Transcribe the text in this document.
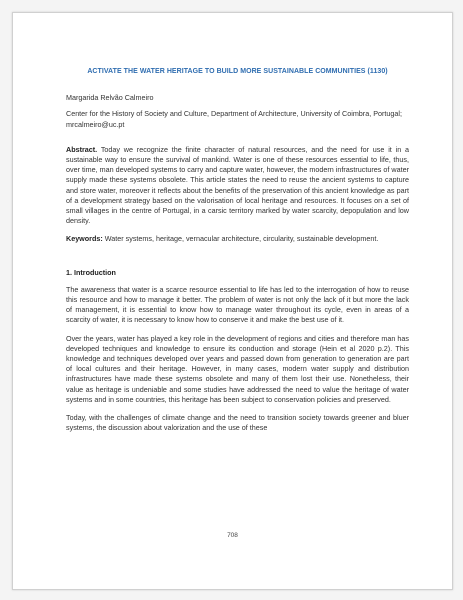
ACTIVATE THE WATER HERITAGE TO BUILD MORE SUSTAINABLE COMMUNITIES (1130)
Margarida Relvão Calmeiro
Center for the History of Society and Culture, Department of Architecture, University of Coimbra, Portugal; mrcalmeiro@uc.pt
Abstract. Today we recognize the finite character of natural resources, and the need for use it in a sustainable way to ensure the survival of mankind. Water is one of these resources essential to life, thus, over time, man developed systems to carry and capture water, however, the modern infrastructures of water supply made these systems obsolete. This article states the need to reuse the ancient systems to capture and store water, moreover it reflects about the benefits of the preservation of this ancient knowledge as part of a development strategy based on the valorisation of local heritage and resources. It focuses on a set of small villages in the centre of Portugal, in a carsic territory marked by water scarcity, depopulation and low density.
Keywords: Water systems, heritage, vernacular architecture, circularity, sustainable development.
1. Introduction
The awareness that water is a scarce resource essential to life has led to the interrogation of how to reuse this resource and how to manage it better. The problem of water is not only the lack of it but more the lack of management, it is essential to know how to manage water throughout its cycle, even in areas of a scarcity of water, it is necessary to know how to conserve it and make the best use of it.
Over the years, water has played a key role in the development of regions and cities and therefore man has developed techniques and knowledge to ensure its conduction and storage (Hein et al 2020 p.2). This knowledge and techniques developed over years and passed down from generation to generation are part of local cultures and their heritage. However, in many cases, modern water supply and distribution infrastructures have made these systems obsolete and many of them lost their use. Nonetheless, their value as heritage is undeniable and some studies have addressed the need to value the heritage of water systems and in some countries, this heritage has been subject to conservation policies and preserved.
Today, with the challenges of climate change and the need to transition society towards greener and bluer systems, the discussion about valorization and the use of these
708
